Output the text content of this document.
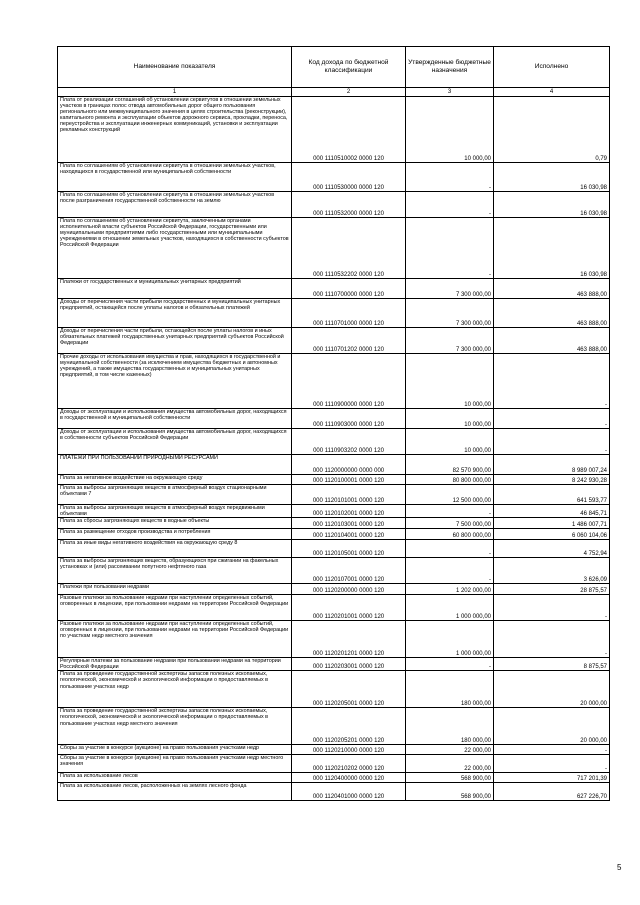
Наименование показателя	Код дохода по бюджетной классификации	Утвержденные бюджетные назначения	Исполнено
1	2	3	4
Плата от реализации соглашений об установлении сервитутов в отношении земельных участков в границах полос отвода автомобильных дорог общего пользования регионального или межмуниципального значения в целях строительства (реконструкции), капитального ремонта и эксплуатации объектов дорожного сервиса, прокладки, переноса, переустройства и эксплуатации инженерных коммуникаций, установки и эксплуатации рекламных конструкций	000 1110510002 0000 120	10 000,00	0,79
Плата по соглашениям об установлении сервитута в отношении земельных участков, находящихся в государственной или муниципальной собственности	000 1110530000 0000 120	-	16 030,98
Плата по соглашениям об установлении сервитута в отношении земельных участков после разграничения государственной собственности на землю	000 1110532000 0000 120	-	16 030,98
Плата по соглашениям об установлении сервитута, заключенным органами исполнительной власти субъектов Российской Федерации, государственными или муниципальными предприятиями либо государственными или муниципальными учреждениями в отношении земельных участков, находящихся в собственности субъектов Российской Федерации	000 1110532202 0000 120	-	16 030,98
Платежи от государственных и муниципальных унитарных предприятий	000 1110700000 0000 120	7 300 000,00	463 888,00
Доходы от перечисления части прибыли государственных и муниципальных унитарных предприятий, остающейся после уплаты налогов и обязательных платежей	000 1110701000 0000 120	7 300 000,00	463 888,00
Доходы от перечисления части прибыли, остающейся после уплаты налогов и иных обязательных платежей государственных унитарных предприятий субъектов Российской Федерации	000 1110701202 0000 120	7 300 000,00	463 888,00
Прочие доходы от использования имущества и прав, находящихся в государственной и муниципальной собственности (за исключением имущества бюджетных и автономных учреждений, а также имущества государственных и муниципальных унитарных предприятий, в том числе казенных)	000 1110900000 0000 120	10 000,00	-
Доходы от эксплуатации и использования имущества автомобильных дорог, находящихся в государственной и муниципальной собственности	000 1110903000 0000 120	10 000,00	-
Доходы от эксплуатации и использования имущества автомобильных дорог, находящихся в собственности субъектов Российской Федерации	000 1110903202 0000 120	10 000,00	-
ПЛАТЕЖИ ПРИ ПОЛЬЗОВАНИИ ПРИРОДНЫМИ РЕСУРСАМИ	000 1120000000 0000 000	82 570 900,00	8 989 007,24
Плата за негативное воздействие на окружающую среду	000 1120100001 0000 120	80 800 000,00	8 242 930,28
Плата за выбросы загрязняющих веществ в атмосферный воздух стационарными объектами 7	000 1120101001 0000 120	12 500 000,00	641 593,77
Плата за выбросы загрязняющих веществ в атмосферный воздух передвижными объектами	000 1120102001 0000 120	-	46 845,71
Плата за сбросы загрязняющих веществ в водные объекты	000 1120103001 0000 120	7 500 000,00	1 486 007,71
Плата за размещение отходов производства и потребления	000 1120104001 0000 120	60 800 000,00	6 060 104,06
Плата за иные виды негативного воздействия на окружающую среду 8	000 1120105001 0000 120	-	4 752,94
Плата за выбросы загрязняющих веществ, образующихся при сжигании на факельных установках и (или) рассеивании попутного нефтяного газа	000 1120107001 0000 120	-	3 626,09
Платежи при пользовании недрами	000 1120200000 0000 120	1 202 000,00	28 875,57
Разовые платежи за пользование недрами при наступлении определенных событий, оговоренных в лицензии, при пользовании недрами на территории Российской Федерации	000 1120201001 0000 120	1 000 000,00	-
Разовые платежи за пользование недрами при наступлении определенных событий, оговоренных в лицензии, при пользовании недрами на территории Российской Федерации по участкам недр местного значения	000 1120201201 0000 120	1 000 000,00	-
Регулярные платежи за пользование недрами при пользовании недрами на территории Российской Федерации	000 1120203001 0000 120	-	8 875,57
Плата за проведение государственной экспертизы запасов полезных ископаемых, геологической, экономической и экологической информации о предоставляемых в пользование участках недр	000 1120205001 0000 120	180 000,00	20 000,00
Плата за проведение государственной экспертизы запасов полезных ископаемых, геологической, экономической и экологической информации о предоставляемых в пользование участках недр местного значения	000 1120205201 0000 120	180 000,00	20 000,00
Сборы за участие в конкурсе (аукционе) на право пользования участками недр	000 1120210000 0000 120	22 000,00	-
Сборы за участие в конкурсе (аукционе) на право пользования участками недр местного значения	000 1120210202 0000 120	22 000,00	-
Плата за использование лесов	000 1120400000 0000 120	568 900,00	717 201,39
Плата за использование лесов, расположенных на землях лесного фонда	000 1120401000 0000 120	568 900,00	627 226,70
5
